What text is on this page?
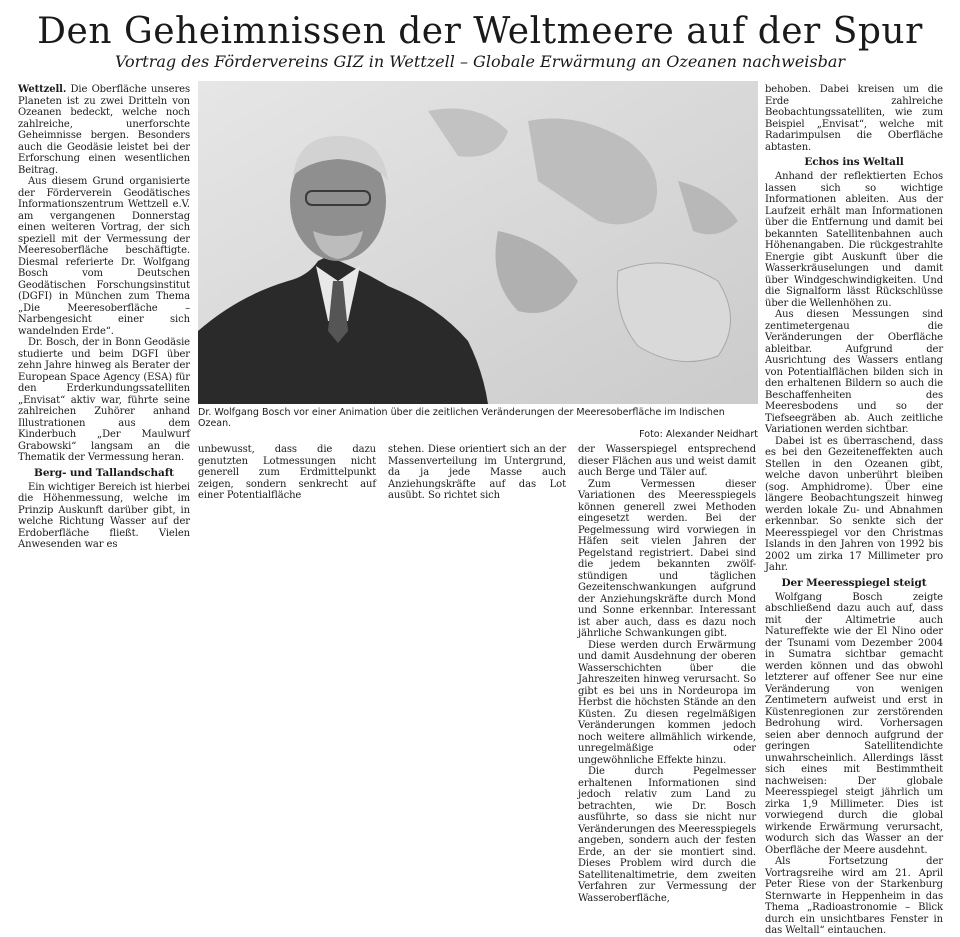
Den Geheimnissen der Weltmeere auf der Spur
Vortrag des Fördervereins GIZ in Wettzell – Globale Erwärmung an Ozeanen nachweisbar

Wettzell. Die Oberfläche unseres Planeten ist zu zwei Dritteln von Ozeanen bedeckt, welche noch zahlreiche, unerforschte Geheimnisse bergen. Besonders auch die Geodäsie leistet bei der Erforschung einen wesentlichen Beitrag.

Aus diesem Grund organisierte der Förderverein Geodätisches Informationszentrum Wettzell e.V. am vergangenen Donnerstag einen weiteren Vortrag, der sich speziell mit der Vermessung der Meeresoberfläche beschäftigte. Diesmal referierte Dr. Wolfgang Bosch vom Deutschen Geodätischen Forschungsinstitut (DGFI) in München zum Thema „Die Meeresoberfläche – Narbengesicht einer sich wandelnden Erde“.

Dr. Bosch, der in Bonn Geodäsie studierte und beim DGFI über zehn Jahre hinweg als Berater der European Space Agency (ESA) für den Erderkundungssatelliten „Envisat“ aktiv war, führte seine zahlreichen Zuhörer anhand Illustrationen aus dem Kinderbuch „Der Maulwurf Grabowski“ langsam an die Thematik der Vermessung heran.

Berg- und Tallandschaft

Ein wichtiger Bereich ist hierbei die Höhenmessung, welche im Prinzip Auskunft darüber gibt, in welche Richtung Wasser auf der Erdoberfläche fließt. Vielen Anwesenden war es

Dr. Wolfgang Bosch vor einer Animation über die zeitlichen Veränderungen der Meeresoberfläche im Indischen Ozean.
Foto: Alexander Neidhart

unbewusst, dass die dazu genutzten Lotmessungen nicht generell zum Erdmittelpunkt zeigen, sondern senkrecht auf einer Potentialfläche

stehen. Diese orientiert sich an der Massenverteilung im Untergrund, da ja jede Masse auch Anziehungskräfte auf das Lot ausübt. So richtet sich

der Wasserspiegel entsprechend dieser Flächen aus und weist damit auch Berge und Täler auf.

Zum Vermessen dieser Variationen des Meeresspiegels können generell zwei Methoden eingesetzt werden. Bei der Pegelmessung wird vorwiegen in Häfen seit vielen Jahren der Pegelstand registriert. Dabei sind die jedem bekannten zwölf-stündigen und täglichen Gezeitenschwankungen aufgrund der Anziehungskräfte durch Mond und Sonne erkennbar. Interessant ist aber auch, dass es dazu noch jährliche Schwankungen gibt.

Diese werden durch Erwärmung und damit Ausdehnung der oberen Wasserschichten über die Jahreszeiten hinweg verursacht. So gibt es bei uns in Nordeuropa im Herbst die höchsten Stände an den Küsten. Zu diesen regelmäßigen Veränderungen kommen jedoch noch weitere allmählich wirkende, unregelmäßige oder ungewöhnliche Effekte hinzu.

Die durch Pegelmesser erhaltenen Informationen sind jedoch relativ zum Land zu betrachten, wie Dr. Bosch ausführte, so dass sie nicht nur Veränderungen des Meeresspiegels angeben, sondern auch der festen Erde, an der sie montiert sind. Dieses Problem wird durch die Satellitenaltimetrie, dem zweiten Verfahren zur Vermessung der Wasseroberfläche,

behoben. Dabei kreisen um die Erde zahlreiche Beobachtungssatelliten, wie zum Beispiel „Envisat“, welche mit Radarimpulsen die Oberfläche abtasten.

Echos ins Weltall

Anhand der reflektierten Echos lassen sich so wichtige Informationen ableiten. Aus der Laufzeit erhält man Informationen über die Entfernung und damit bei bekannten Satellitenbahnen auch Höhenangaben. Die rückgestrahlte Energie gibt Auskunft über die Wasserkräuselungen und damit über Windgeschwindigkeiten. Und die Signalform lässt Rückschlüsse über die Wellenhöhen zu.

Aus diesen Messungen sind zentimetergenau die Veränderungen der Oberfläche ableitbar. Aufgrund der Ausrichtung des Wassers entlang von Potentialflächen bilden sich in den erhaltenen Bildern so auch die Beschaffenheiten des Meeresbodens und so der Tiefseegräben ab. Auch zeitliche Variationen werden sichtbar.

Dabei ist es überraschend, dass es bei den Gezeiteneffekten auch Stellen in den Ozeanen gibt, welche davon unberührt bleiben (sog. Amphidrome). Über eine längere Beobachtungszeit hinweg werden lokale Zu- und Abnahmen erkennbar. So senkte sich der Meeresspiegel vor den Christmas Islands in den Jahren von 1992 bis 2002 um zirka 17 Millimeter pro Jahr.

Der Meeresspiegel steigt

Wolfgang Bosch zeigte abschließend dazu auch auf, dass mit der Altimetrie auch Natureffekte wie der El Nino oder der Tsunami vom Dezember 2004 in Sumatra sichtbar gemacht werden können und das obwohl letzterer auf offener See nur eine Veränderung von wenigen Zentimetern aufweist und erst in Küstenregionen zur zerstörenden Bedrohung wird. Vorhersagen seien aber dennoch aufgrund der geringen Satellitendichte unwahrscheinlich. Allerdings lässt sich eines mit Bestimmtheit nachweisen: Der globale Meeresspiegel steigt jährlich um zirka 1,9 Millimeter. Dies ist vorwiegend durch die global wirkende Erwärmung verursacht, wodurch sich das Wasser an der Oberfläche der Meere ausdehnt.

Als Fortsetzung der Vortragsreihe wird am 21. April Peter Riese von der Starkenburg Sternwarte in Heppenheim in das Thema „Radioastronomie – Blick durch ein unsichtbares Fenster in das Weltall“ eintauchen.
